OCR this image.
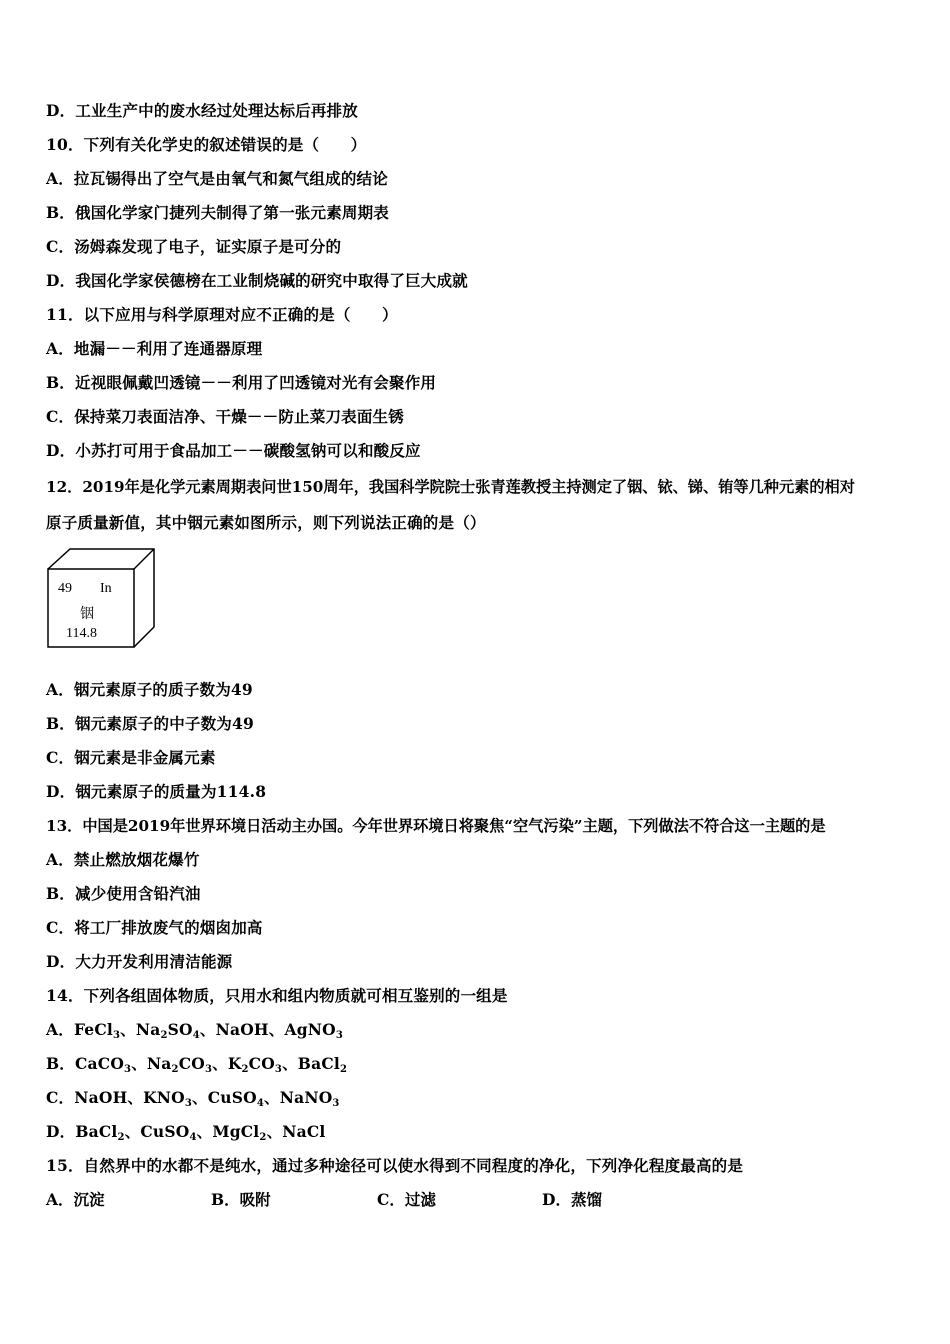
D．工业生产中的废水经过处理达标后再排放
10．下列有关化学史的叙述错误的是（　　）
A．拉瓦锡得出了空气是由氧气和氮气组成的结论
B．俄国化学家门捷列夫制得了第一张元素周期表
C．汤姆森发现了电子，证实原子是可分的
D．我国化学家侯德榜在工业制烧碱的研究中取得了巨大成就
11．以下应用与科学原理对应不正确的是（　　）
A．地漏－－利用了连通器原理
B．近视眼佩戴凹透镜－－利用了凹透镜对光有会聚作用
C．保持菜刀表面洁净、干燥－－防止菜刀表面生锈
D．小苏打可用于食品加工－－碳酸氢钠可以和酸反应
12．2019年是化学元素周期表问世150周年，我国科学院院士张青莲教授主持测定了铟、铱、锑、铕等几种元素的相对
原子质量新值，其中铟元素如图所示，则下列说法正确的是（）
49 In
铟
114.8
A．铟元素原子的质子数为49
B．铟元素原子的中子数为49
C．铟元素是非金属元素
D．铟元素原子的质量为114.8
13．中国是2019年世界环境日活动主办国。今年世界环境日将聚焦“空气污染”主题，下列做法不符合这一主题的是
A．禁止燃放烟花爆竹
B．减少使用含铅汽油
C．将工厂排放废气的烟囱加高
D．大力开发利用清洁能源
14．下列各组固体物质，只用水和组内物质就可相互鉴别的一组是
A．FeCl$_3$、$Na_2SO_4$、NaOH、AgNO$_3$
B．CaCO$_3$、$Na_2CO_3$、$K_2CO_3$、BaCl$_2$
C．NaOH、$KNO_3$、CuSO$_4$、NaNO$_3$
D．BaCl$_2$、CuSO$_4$、MgCl$_2$、NaCl
15．自然界中的水都不是纯水，通过多种途径可以使水得到不同程度的净化，下列净化程度最高的是
A．沉淀	B．吸附	C．过滤	D．蒸馏
